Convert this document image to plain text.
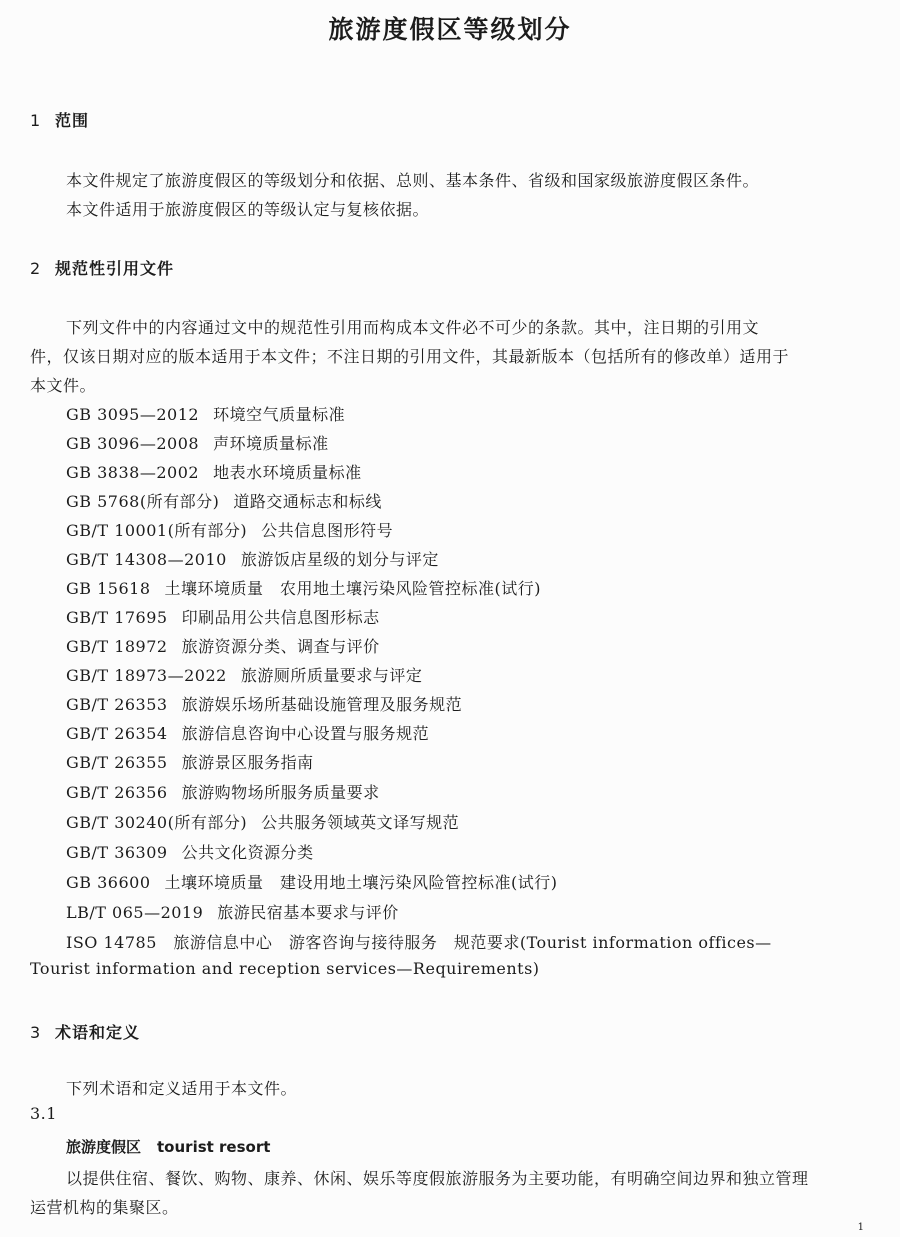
旅游度假区等级划分
1 范围

本文件规定了旅游度假区的等级划分和依据、总则、基本条件、省级和国家级旅游度假区条件。

本文件适用于旅游度假区的等级认定与复核依据。

2 规范性引用文件

下列文件中的内容通过文中的规范性引用而构成本文件必不可少的条款。其中，注日期的引用文

件，仅该日期对应的版本适用于本文件；不注日期的引用文件，其最新版本（包括所有的修改单）适用于

本文件。

GB 3095—2012 环境空气质量标准
GB 3096—2008 声环境质量标准
GB 3838—2002 地表水环境质量标准
GB 5768(所有部分) 道路交通标志和标线
GB/T 10001(所有部分) 公共信息图形符号
GB/T 14308—2010 旅游饭店星级的划分与评定
GB 15618 土壤环境质量　农用地土壤污染风险管控标准(试行)
GB/T 17695 印刷品用公共信息图形标志
GB/T 18972 旅游资源分类、调查与评价
GB/T 18973—2022 旅游厕所质量要求与评定
GB/T 26353 旅游娱乐场所基础设施管理及服务规范
GB/T 26354 旅游信息咨询中心设置与服务规范
GB/T 26355 旅游景区服务指南
GB/T 26356 旅游购物场所服务质量要求
GB/T 30240(所有部分) 公共服务领域英文译写规范
GB/T 36309 公共文化资源分类
GB 36600 土壤环境质量　建设用地土壤污染风险管控标准(试行)
LB/T 065—2019 旅游民宿基本要求与评价

ISO 14785　旅游信息中心　游客咨询与接待服务　规范要求(Tourist information offices—

Tourist information and reception services—Requirements)

3 术语和定义

下列术语和定义适用于本文件。

3.1

旅游度假区 tourist resort

以提供住宿、餐饮、购物、康养、休闲、娱乐等度假旅游服务为主要功能，有明确空间边界和独立管理

运营机构的集聚区。

1
